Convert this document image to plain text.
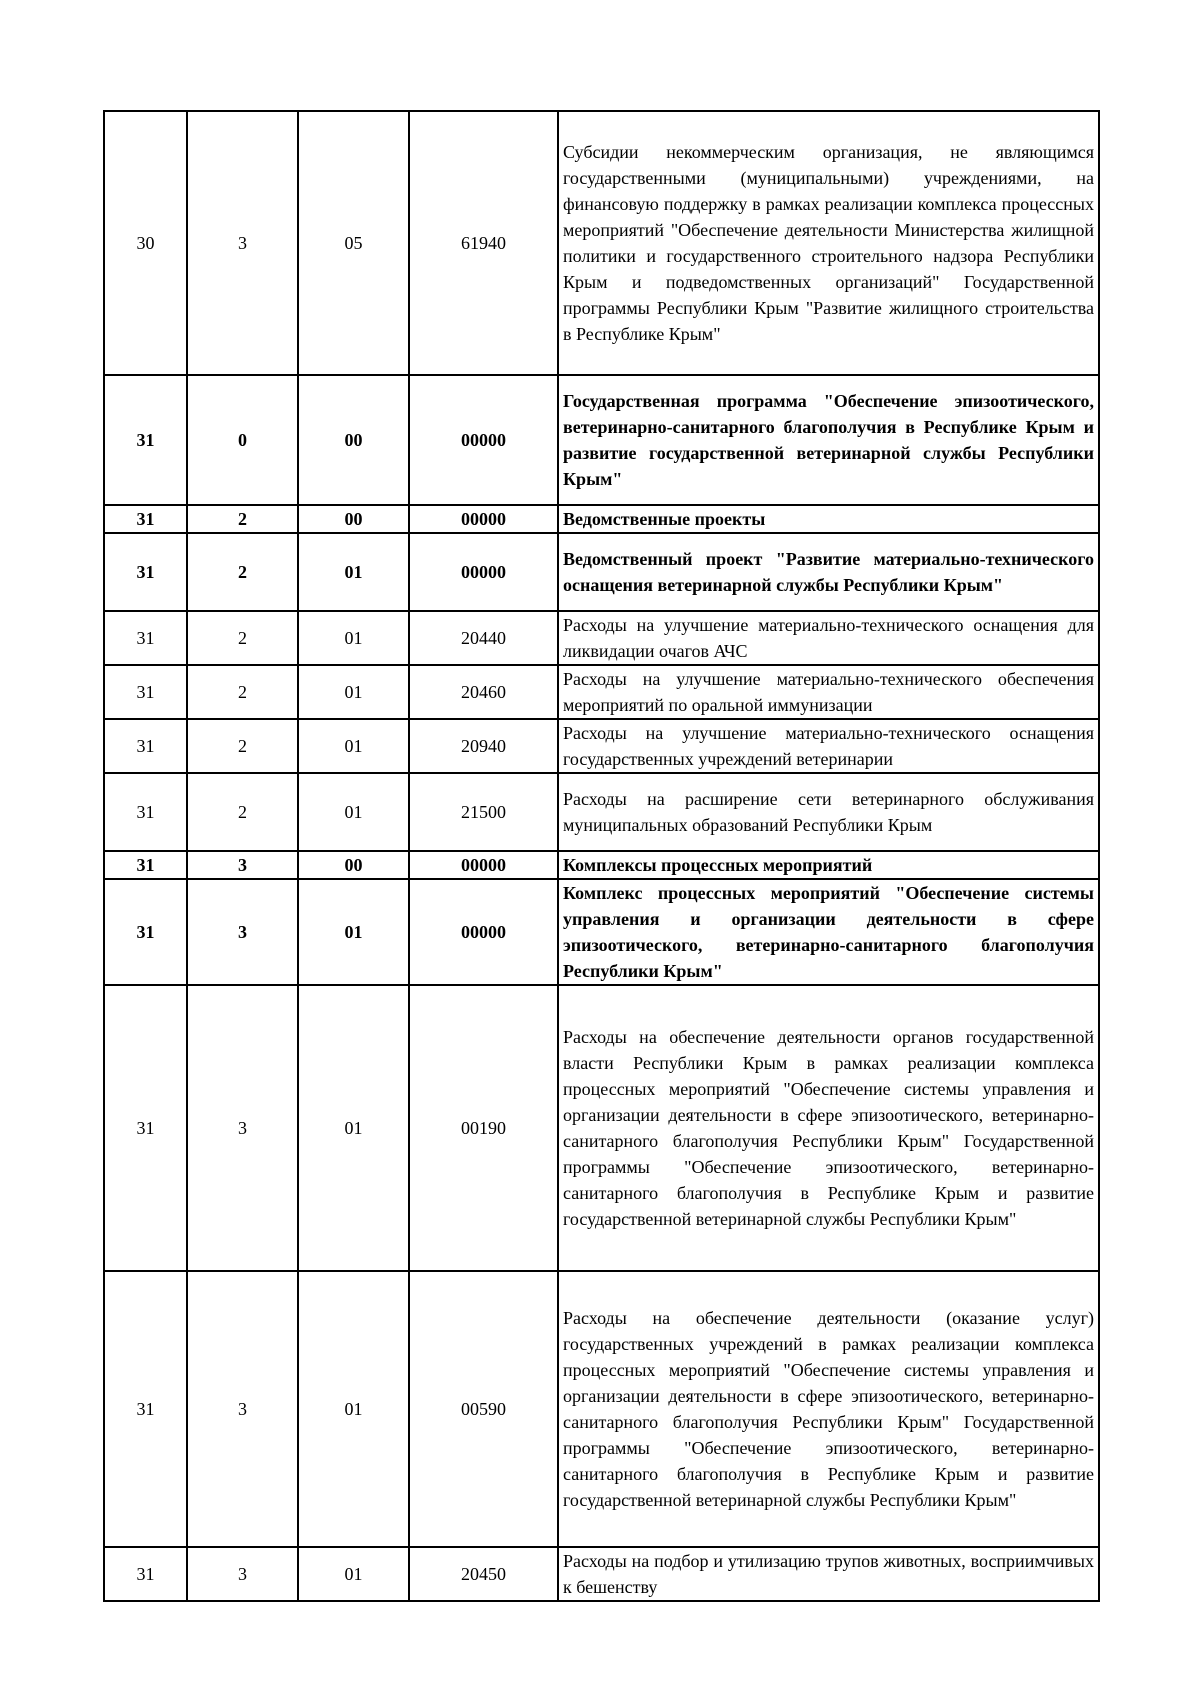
30	3	05	61940	Субсидии некоммерческим организация, не являющимся государственными (муниципальными) учреждениями, на финансовую поддержку в рамках реализации комплекса процессных мероприятий "Обеспечение деятельности Министерства жилищной политики и государственного строительного надзора Республики Крым и подведомственных организаций" Государственной программы Республики Крым "Развитие жилищного строительства в Республике Крым"
31	0	00	00000	Государственная программа "Обеспечение эпизоотического, ветеринарно-санитарного благополучия в Республике Крым и развитие государственной ветеринарной службы Республики Крым"
31	2	00	00000	Ведомственные проекты
31	2	01	00000	Ведомственный проект "Развитие материально-технического оснащения ветеринарной службы Республики Крым"
31	2	01	20440	Расходы на улучшение материально-технического оснащения для ликвидации очагов АЧС
31	2	01	20460	Расходы на улучшение материально-технического обеспечения мероприятий по оральной иммунизации
31	2	01	20940	Расходы на улучшение материально-технического оснащения государственных учреждений ветеринарии
31	2	01	21500	Расходы на расширение сети ветеринарного обслуживания муниципальных образований Республики Крым
31	3	00	00000	Комплексы процессных мероприятий
31	3	01	00000	Комплекс процессных мероприятий "Обеспечение системы управления и организации деятельности в сфере эпизоотического, ветеринарно-санитарного благополучия Республики Крым"
31	3	01	00190	Расходы на обеспечение деятельности органов государственной власти Республики Крым в рамках реализации комплекса процессных мероприятий "Обеспечение системы управления и организации деятельности в сфере эпизоотического, ветеринарно-санитарного благополучия Республики Крым" Государственной программы "Обеспечение эпизоотического, ветеринарно-санитарного благополучия в Республике Крым и развитие государственной ветеринарной службы Республики Крым"
31	3	01	00590	Расходы на обеспечение деятельности (оказание услуг) государственных учреждений в рамках реализации комплекса процессных мероприятий "Обеспечение системы управления и организации деятельности в сфере эпизоотического, ветеринарно-санитарного благополучия Республики Крым" Государственной программы "Обеспечение эпизоотического, ветеринарно-санитарного благополучия в Республике Крым и развитие государственной ветеринарной службы Республики Крым"
31	3	01	20450	Расходы на подбор и утилизацию трупов животных, восприимчивых к бешенству
